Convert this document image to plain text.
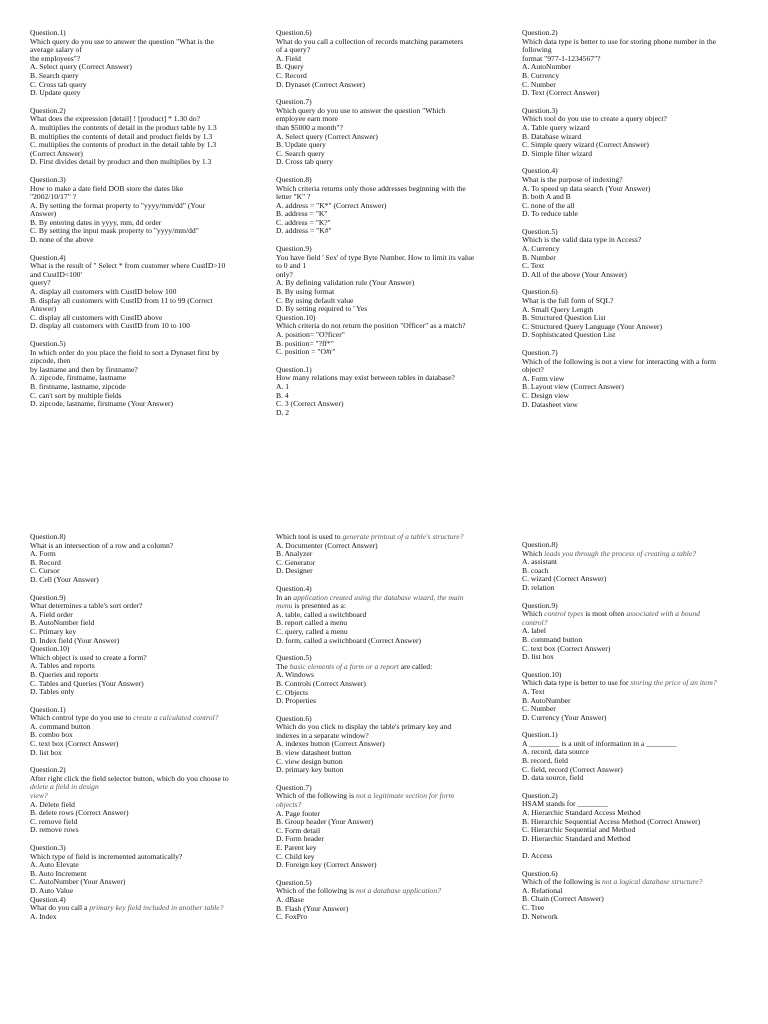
Question.1)
Which query do you use to answer the question "What is the
average salary of
the employees"?
A. Select query (Correct Answer)
B. Search query
C. Cross tab query
D. Update query
Question.2)
What does the expression [detail] ! [product] * 1.30 do?
A. multiplies the contents of detail in the product table by 1.3
B. multiplies the contents of detail and product fields by 1.3
C. multiplies the contents of product in the detail table by 1.3
(Correct Answer)
D. First divides detail by product and then multiplies by 1.3
Question.3)
How to make a date field DOB store the dates like
"2002/10/17" ?
A. By setting the format property to "yyyy/mm/dd" (Your
Answer)
B. By entering dates in yyyy, mm, dd order
C. By setting the input mask property to "yyyy/mm/dd"
D. none of the above
Question.4)
What is the result of " Select * from customer where CustID>10
and CustID<100'
query?
A. display all customers with CustID below 100
B. display all customers with CustID from 11 to 99 (Correct
Answer)
C. display all customers with CustID above
D. display all customers with CustID from 10 to 100
Question.5)
In which order do you place the field to sort a Dynaset first by
zipcode, then
by lastname and then by firstname?
A. zipcode, firstname, lastname
B. firstname, lastname, zipcode
C. can't sort by multiple fields
D. zipcode, lastname, firstname (Your Answer)
Question.6)
What do you call a collection of records matching parameters
of a query?
A. Field
B. Query
C. Record
D. Dynaset (Correct Answer)
Question.7)
Which query do you use to answer the question "Which
employee earn more
than $5000 a month"?
A. Select query (Correct Answer)
B. Update query
C. Search query
D. Cross tab query
Question.8)
Which criteria returns only those addresses beginning with the
letter "K" ?
A. address = "K*" (Correct Answer)
B. address = "K"
C. address = "K?"
D. address = "K#"
Question.9)
You have field ' Sex' of type Byte Number. How to limit its value
to 0 and 1
only?
A. By defining validation rule (Your Answer)
B. By using format
C. By using default value
D. By setting required to ' Yes
Question.10)
Which criteria do not return the position "Officer" as a match?
A. position= "O?ficer"
B. position= "?ff*"
C. position = "O#r"
Question.1)
How many relations may exist between tables in database?
A. 1
B. 4
C. 3 (Correct Answer)
D. 2
Question.2)
Which data type is better to use for storing phone number in the
following
format "977-1-1234567"?
A. AutoNumber
B. Currency
C. Number
D. Text (Correct Answer)
Question.3)
Which tool do you use to create a query object?
A. Table query wizard
B. Database wizard
C. Simple query wizard (Correct Answer)
D. Simple filter wizard
Question.4)
What is the purpose of indexing?
A. To speed up data search (Your Answer)
B. both A and B
C. none of the all
D. To reduce table
Question.5)
Which is the valid data type in Access?
A. Currency
B. Number
C. Text
D. All of the above (Your Answer)
Question.6)
What is the full form of SQL?
A. Small Query Length
B. Structured Question List
C. Structured Query Language (Your Answer)
D. Sophisticated Question List
Question.7)
Which of the following is not a view for interacting with a form
object?
A. Form view
B. Layout view (Correct Answer)
C. Design view
D. Datasheet view
Question.8)
What is an intersection of a row and a column?
A. Form
B. Record
C. Cursor
D. Cell (Your Answer)
Question.9)
What determines a table's sort order?
A. Field order
B. AutoNumber field
C. Primary key
D. Index field (Your Answer)
Question.10)
Which object is used to create a form?
A. Tables and reports
B. Queries and reports
C. Tables and Queries (Your Answer)
D. Tables only
Question.1)
Which control type do you use to create a calculated control?
A. command button
B. combo box
C. text box (Correct Answer)
D. list box
Question.2)
After right click the field selector button, which do you choose to
delete a field in design
view?
A. Delete field
B. delete rows (Correct Answer)
C. remove field
D. remove rows
Question.3)
Which type of field is incremented automatically?
A. Auto Elevate
B. Auto Increment
C. AutoNumber (Your Answer)
D. Auto Value
Question.4)
What do you call a primary key field included in another table?
A. Index
Which tool is used to generate printout of a table's structure?
A. Documenter (Correct Answer)
B. Analyzer
C. Generator
D. Designer
Question.4)
In an application created using the database wizard, the main
menu is presented as a:
A. table, called a switchboard
B. report called a menu
C. query, called a menu
D. form, called a switchboard (Correct Answer)
Question.5)
The basic elements of a form or a report are called:
A. Windows
B. Controls (Correct Answer)
C. Objects
D. Properties
Question.6)
Which do you click to display the table's primary key and
indexes in a separate window?
A. indexes button (Correct Answer)
B. view datasheet button
C. view design button
D. primary key button
Question.7)
Which of the following is not a legitimate section for form
objects?
A. Page footer
B. Group header (Your Answer)
C. Form detail
D. Form header
E. Parent key
C. Child key
D. Foreign key (Correct Answer)
Question.5)
Which of the following is not a database application?
A. dBase
B. Flash (Your Answer)
C. FoxPro
Question.8)
Which leads you through the process of creating a table?
A. assistant
B. coach
C. wizard (Correct Answer)
D. relation
Question.9)
Which control types is most often associated with a bound
control?
A. label
B. command button
C. text box (Correct Answer)
D. list box
Question.10)
Which data type is better to use for storing the price of an item?
A. Text
B. AutoNumber
C. Number
D. Currency (Your Answer)
Question.1)
A ________ is a unit of information in a ________
A. record, data source
B. record, field
C. field, record (Correct Answer)
D. data source, field
Question.2)
HSAM stands for ________
A. Hierarchic Standard Access Method
B. Hierarchic Sequential Access Method (Correct Answer)
C. Hierarchic Sequential and Method
D. Hierarchic Standard and Method

D. Access
Question.6)
Which of the following is not a logical database structure?
A. Relational
B. Chain (Correct Answer)
C. Tree
D. Network
